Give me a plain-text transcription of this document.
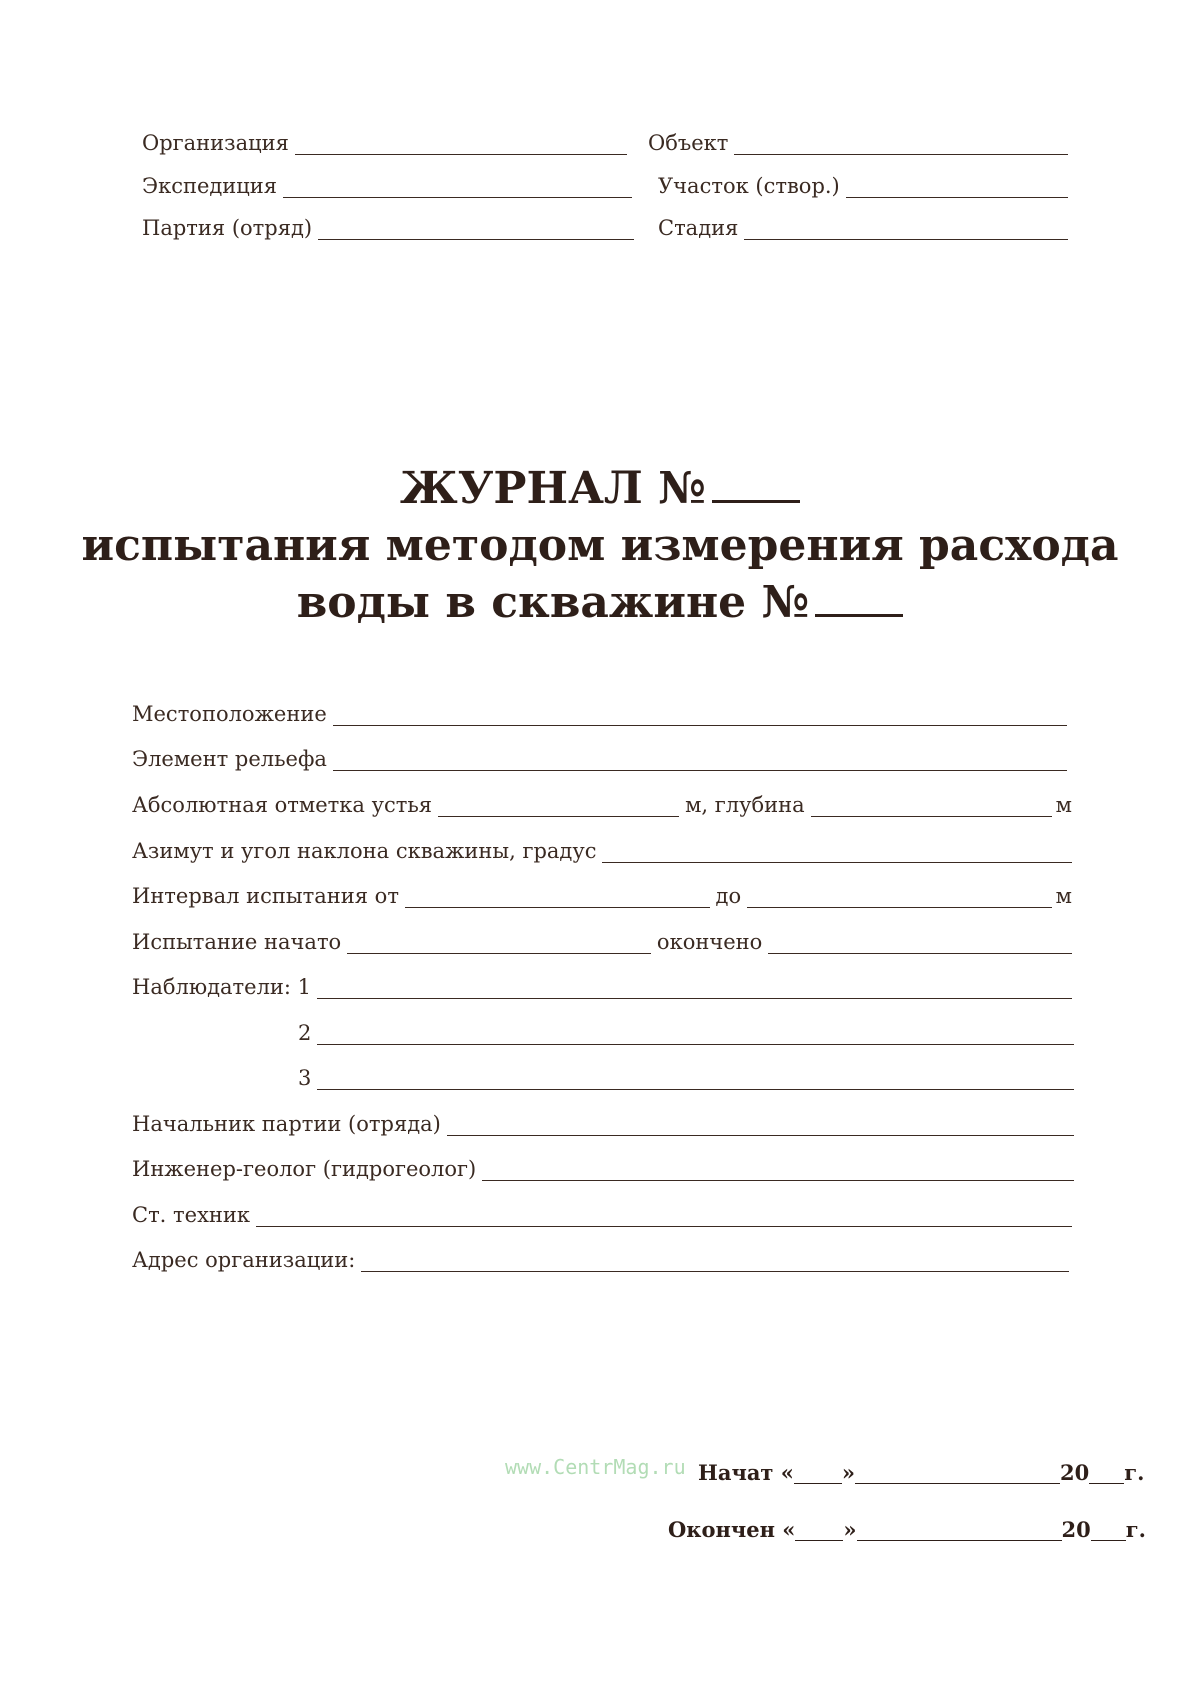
Организация	Объект
Экспедиция	Участок (створ.)
Партия (отряд)	Стадия
ЖУРНАЛ №
испытания методом измерения расхода
воды в скважине №
Местоположение
Элемент рельефа
Абсолютная отметка устья	м, глубина	м
Азимут и угол наклона скважины, градус
Интервал испытания от	до	м
Испытание начато	окончено
Наблюдатели: 1
2
3
Начальник партии (отряда)
Инженер-геолог (гидрогеолог)
Ст. техник
Адрес организации:
www.CentrMag.ru Начат « »	20 г.
Окончен « »	20 г.
